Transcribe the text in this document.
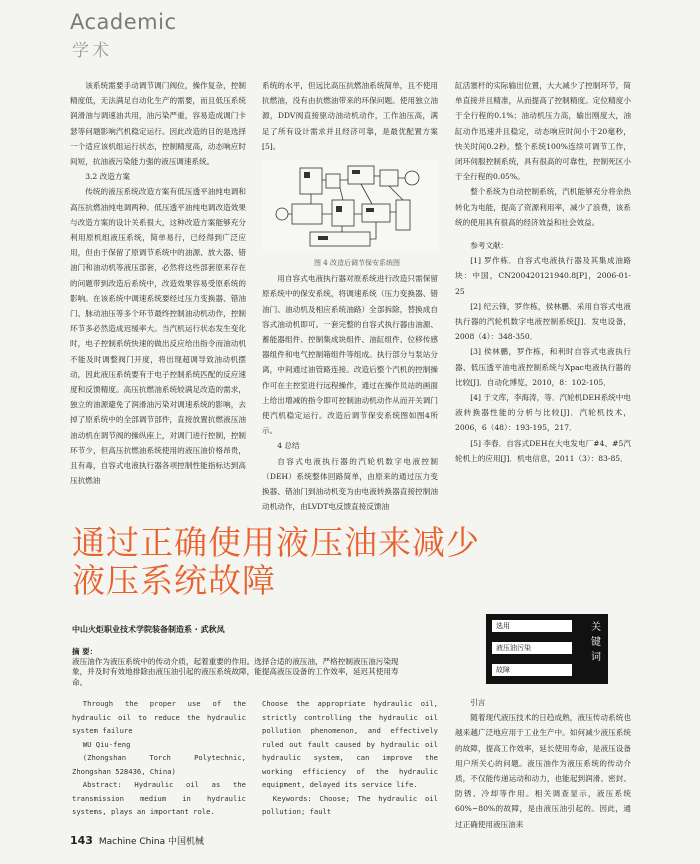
Academic
学术

该系统需要手动调节调门阀位，操作复杂，控制精度低，无法满足自动化生产的需要，而且低压系统润滑油与调速油共用，油污染严重，容易造成调门卡瑟等问题影响汽机稳定运行。因此改造的目的是选择一个适应该机组运行状态，控制精度高，动态响应时间短，抗油液污染能力强的液压调速系统。

3.2 改造方案

传统的液压系统改造方案有低压透平油纯电调和高压抗燃油纯电调两种。低压透平油纯电调改造效果与改造方案的设计关系很大，这种改造方案能够充分利用原机组液压系统，简单易行，已经得到广泛应用，但由于保留了原调节系统中的油源、放大器、错油门和油动机等液压部套，必然将这些部套原来存在的问题带到改造后系统中，改造效果容易受原系统的影响。在该系统中调速系统要经过压力变换器、错油门、脉动油压等多个环节最终控制油动机动作，控制环节多必然造成迟缓率大。当汽机运行状态发生变化时，电子控制系统快速的做出反应给出指令而油动机不能及时调整阀门开度，将出现超调导致油动机摆动，因此液压系统要有于电子控制系统匹配的反应速度和反馈精度。高压抗燃油系统较满足改造的需求，独立的油源避免了润滑油污染对调速系统的影响，去掉了原系统中的全部调节部件，直接放置抗燃液压油油动机在调节阀的操纵座上，对调门进行控制，控制环节少，但高压抗燃油系统使用的液压油价格昂贵，且有毒，自容式电液执行器各项控制性能指标达到高压抗燃油

系统的水平，但远比高压抗燃油系统简单，且不使用抗燃油，没有由抗燃油带来的环保问题。使用独立油源，DDV阀直接驱动油动机动作，工作油压高，满足了所有设计需求并且经济可靠，是最优配置方案[5]。

图 4 改造后调节保安系统图

用自容式电液执行器对原系统进行改造只需保留原系统中的保安系统，将调速系统（压力变换器、错油门、油动机及相应系统油路）全部拆除，替换成自容式油动机即可。一套完整的自容式执行器由油源、蓄能器组件、控制集成块组件、油缸组件、位移传感器组件和电气控制箱组件等组成。执行部分与泵站分离，中间通过油管路连接。改造后整个汽机的控制操作可在主控室进行远程操作，通过在操作员站的画面上给出增减的指令即可控制油动机动作从而开关调门使汽机稳定运行。改造后调节保安系统图如图4所示。

4 总结

自容式电液执行器的汽轮机数字电液控制（DEH）系统整体回路简单，由原来的通过压力变换器、错油门到油动机变为由电液转换器直接控制油动机动作，由LVDT电反馈直接反馈油

缸活塞杆的实际输出位置，大大减少了控制环节，简单直接并且精准，从而提高了控制精度。定位精度小于全行程的0.1%；油动机压力高，输出刚度大，油缸动作迅速并且稳定，动态响应时间小于20毫秒，快关时间0.2秒。整个系统100%连续可调节工作，闭环伺服控制系统，具有很高的可靠性，控制死区小于全行程的0.05%。

整个系统为自动控制系统，汽机能够充分将余热转化为电能，提高了资源利用率，减少了浪费，该系统的使用具有很高的经济效益和社会效益。

参考文献：

[1] 罗作栋．自容式电液执行器及其集成油路块：中国，CN200420121940.8[P]，2006-01-25

[2] 纪云锋，罗作栋，侯林鹏．采用自容式电液执行器的汽轮机数字电液控制系统[J]．发电设备，2008（4）：348-350．

[3] 侯林鹏，罗作栋，和利时自容式电液执行器、低压透平油电液控制系统与Xpac电液执行器的比较[J]．自动化博览，2010，8：102-105．

[4] 于文库，李海涛，等．汽轮机DEH系统中电液转换器性能的分析与比较[J]．汽轮机技术，2006，6（48）：193-195，217．

[5] 李春．自容式DEH在大电发电厂#4、#5汽轮机上的应用[J]．机电信息，2011（3）：83-85．

通过正确使用液压油来减少
液压系统故障
中山火炬职业技术学院装备制造系 · 武秋凤
摘 要：
液压油作为液压系统中的传动介质，起着重要的作用。选择合适的液压油，严格控制液压油污染现象，并及时有效地排除由液压油引起的液压系统故障，能提高液压设备的工作效率，延迟其使用寿命。
选用
液压油污染
故障
关
键
词

Through the proper use of the hydraulic oil to reduce the hydraulic system failure

WU Qiu-feng

(Zhongshan Torch Polytechnic, Zhongshan 528436, China)

Abstract: Hydraulic oil as the transmission medium in hydraulic systems, plays an important role.

Choose the appropriate hydraulic oil, strictly controlling the hydraulic oil pollution phenomenon, and effectively ruled out fault caused by hydraulic oil hydraulic system, can improve the working efficiency of the hydraulic equipment, delayed its service life.

Keywords: Choose; The hydraulic oil pollution; fault

引言

随着现代液压技术的日趋成熟，液压传动系统也越来越广泛地应用于工业生产中。如何减少液压系统的故障，提高工作效率，延长使用寿命，是液压设备用户所关心的问题。液压油作为液压系统的传动介质，不仅能传递运动和动力，也能起到润滑、密封、防锈、冷却等作用。相关调查显示，液压系统60%~80%的故障，是由液压油引起的。因此，通过正确使用液压油来

143 Machine China 中国机械
